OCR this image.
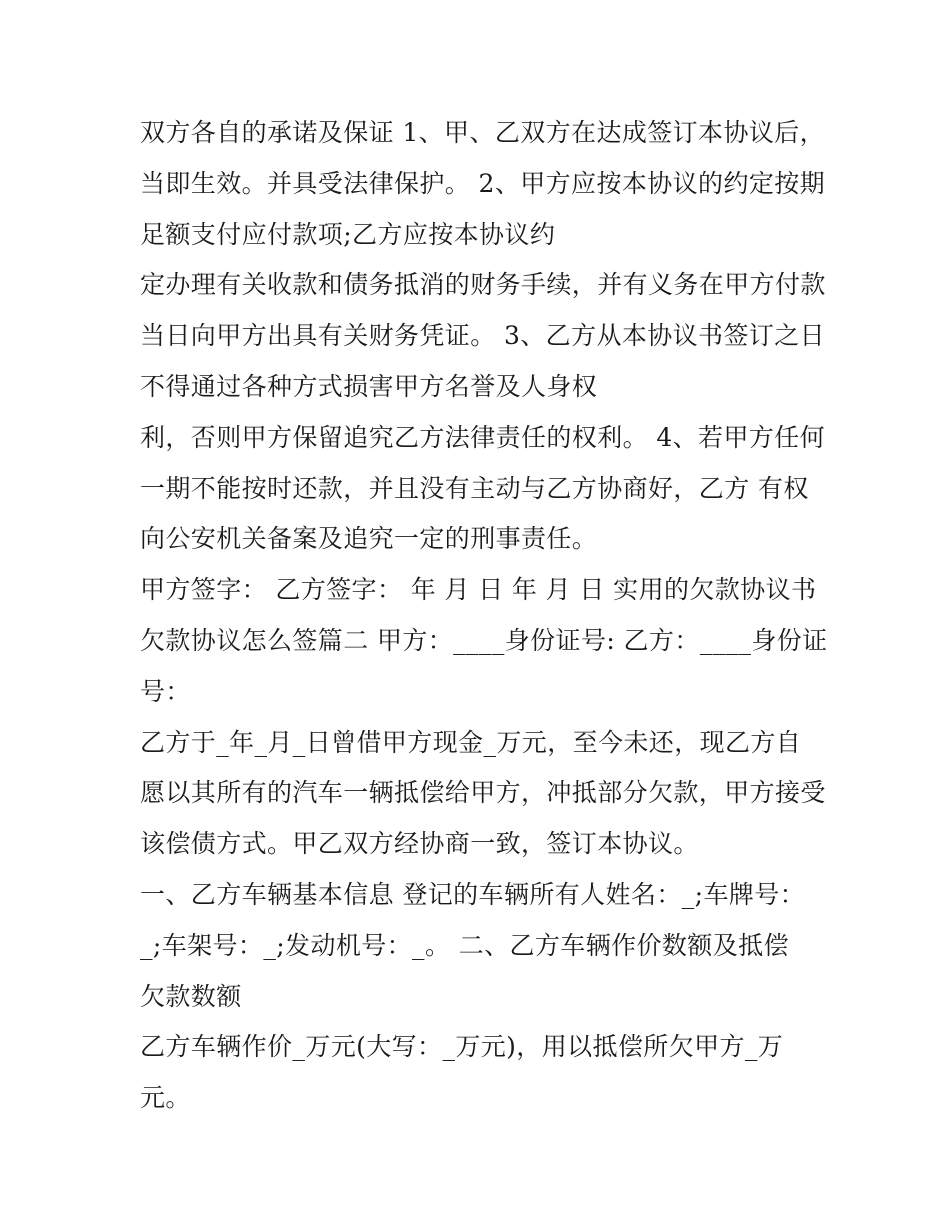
双方各自的承诺及保证 1、甲、乙双方在达成签订本协议后，
当即生效。并具受法律保护。 2、甲方应按本协议的约定按期
足额支付应付款项;乙方应按本协议约
定办理有关收款和债务抵消的财务手续，并有义务在甲方付款
当日向甲方出具有关财务凭证。 3、乙方从本协议书签订之日
不得通过各种方式损害甲方名誉及人身权
利，否则甲方保留追究乙方法律责任的权利。 4、若甲方任何
一期不能按时还款，并且没有主动与乙方协商好，乙方 有权
向公安机关备案及追究一定的刑事责任。
甲方签字： 乙方签字： 年 月 日 年 月 日 实用的欠款协议书
欠款协议怎么签篇二 甲方：____身份证号: 乙方：____身份证
号：
乙方于_年_月_日曾借甲方现金_万元，至今未还，现乙方自
愿以其所有的汽车一辆抵偿给甲方，冲抵部分欠款，甲方接受
该偿债方式。甲乙双方经协商一致，签订本协议。
一、乙方车辆基本信息 登记的车辆所有人姓名：_;车牌号：
_;车架号：_;发动机号：_。 二、乙方车辆作价数额及抵偿
欠款数额
乙方车辆作价_万元(大写：_万元)，用以抵偿所欠甲方_万
元。
